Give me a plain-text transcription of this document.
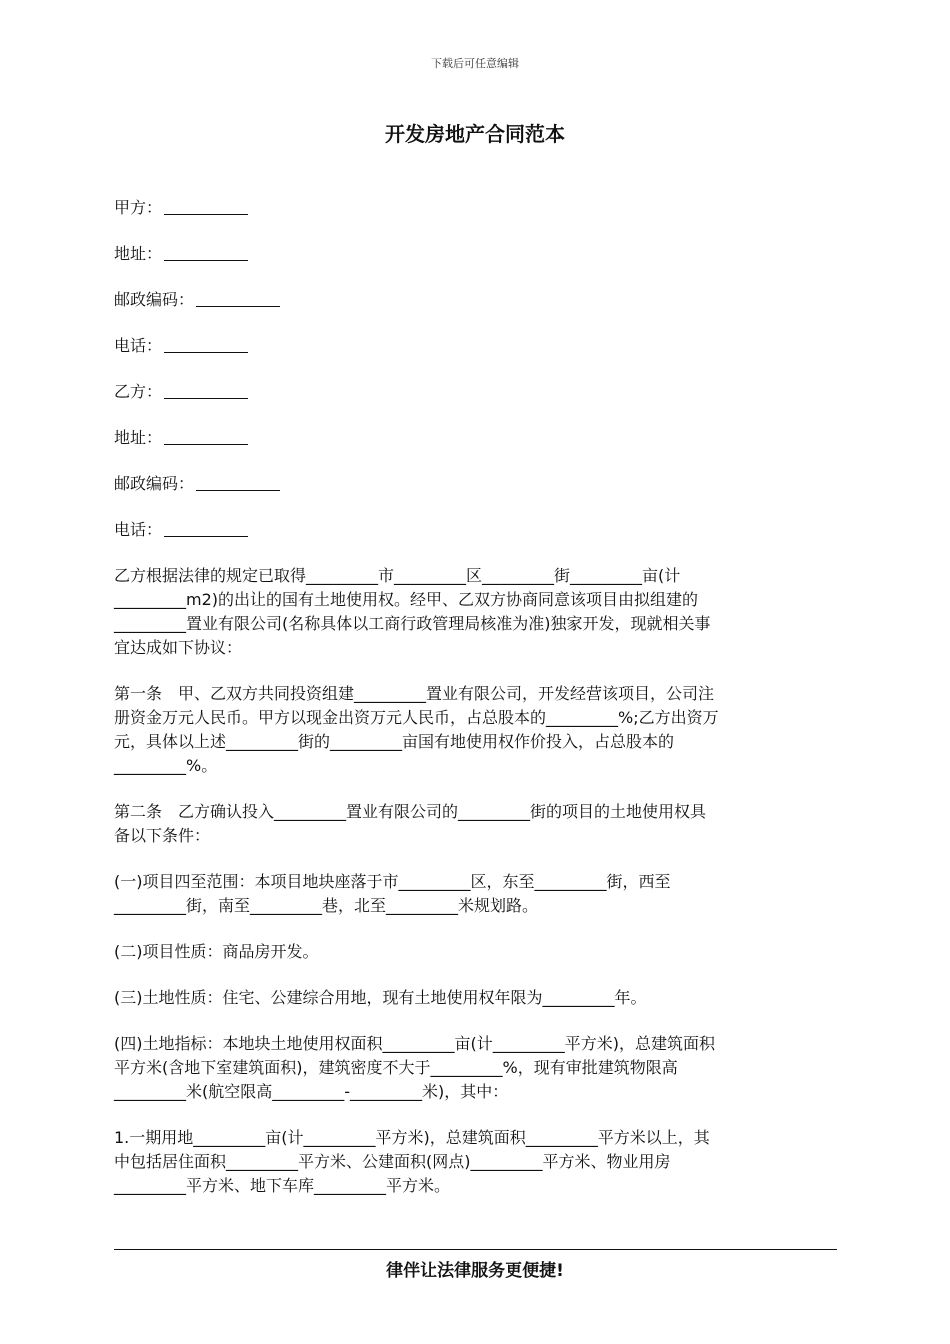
下载后可任意编辑
开发房地产合同范本
甲方：
地址：
邮政编码：
电话：
乙方：
地址：
邮政编码：
电话：
乙方根据法律的规定已取得_________市_________区_________街_________亩(计
_________m2)的出让的国有土地使用权。经甲、乙双方协商同意该项目由拟组建的
_________置业有限公司(名称具体以工商行政管理局核准为准)独家开发，现就相关事
宜达成如下协议：
第一条　甲、乙双方共同投资组建_________置业有限公司，开发经营该项目，公司注
册资金万元人民币。甲方以现金出资万元人民币，占总股本的_________%;乙方出资万
元，具体以上述_________街的_________亩国有地使用权作价投入，占总股本的
_________%。
第二条　乙方确认投入_________置业有限公司的_________街的项目的土地使用权具
备以下条件：
(一)项目四至范围：本项目地块座落于市_________区，东至_________街，西至
_________街，南至_________巷，北至_________米规划路。
(二)项目性质：商品房开发。
(三)土地性质：住宅、公建综合用地，现有土地使用权年限为_________年。
(四)土地指标：本地块土地使用权面积_________亩(计_________平方米)，总建筑面积
平方米(含地下室建筑面积)，建筑密度不大于_________%，现有审批建筑物限高
_________米(航空限高_________-_________米)，其中：
1.一期用地_________亩(计_________平方米)，总建筑面积_________平方米以上，其
中包括居住面积_________平方米、公建面积(网点)_________平方米、物业用房
_________平方米、地下车库_________平方米。
律伴让法律服务更便捷!
